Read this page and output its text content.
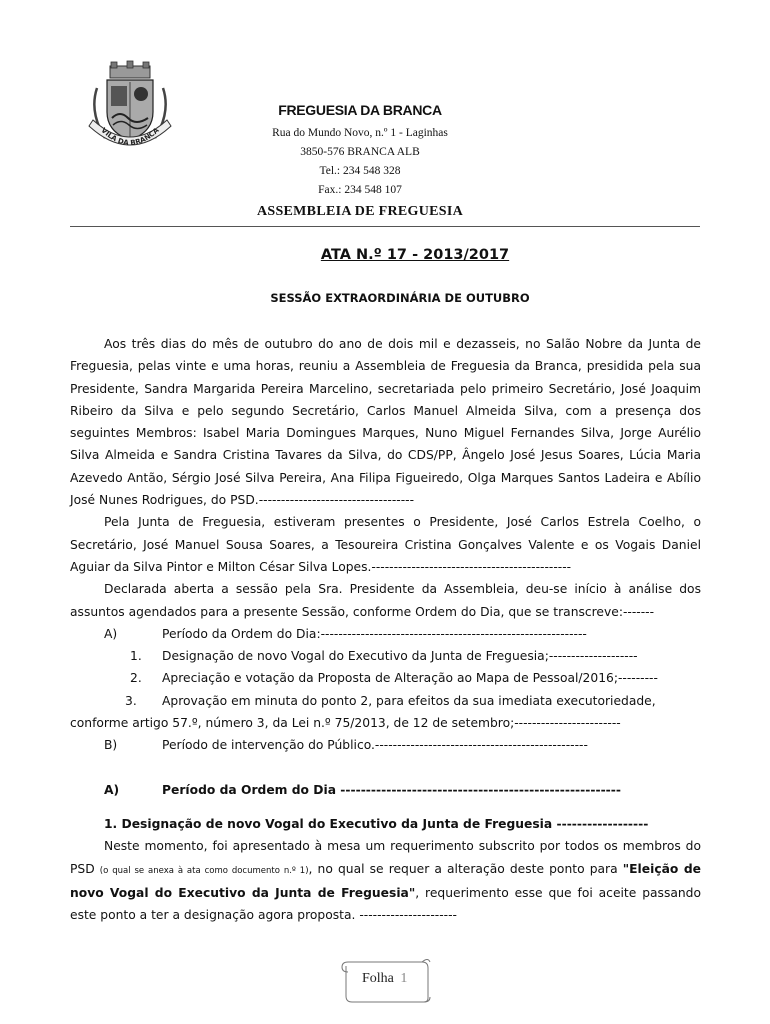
VILA DA BRANCA
FREGUESIA DA BRANCA
Rua do Mundo Novo, n.º 1 - Laginhas
3850-576 BRANCA ALB
Tel.: 234 548 328
Fax.: 234 548 107
ASSEMBLEIA DE FREGUESIA
ATA N.º 17 - 2013/2017
SESSÃO EXTRAORDINÁRIA DE OUTUBRO

Aos três dias do mês de outubro do ano de dois mil e dezasseis, no Salão Nobre da Junta de Freguesia, pelas vinte e uma horas, reuniu a Assembleia de Freguesia da Branca, presidida pela sua Presidente, Sandra Margarida Pereira Marcelino, secretariada pelo primeiro Secretário, José Joaquim Ribeiro da Silva e pelo segundo Secretário, Carlos Manuel Almeida Silva, com a presença dos seguintes Membros: Isabel Maria Domingues Marques, Nuno Miguel Fernandes Silva, Jorge Aurélio Silva Almeida e Sandra Cristina Tavares da Silva, do CDS/PP, Ângelo José Jesus Soares, Lúcia Maria Azevedo Antão, Sérgio José Silva Pereira, Ana Filipa Figueiredo, Olga Marques Santos Ladeira e Abílio José Nunes Rodrigues, do PSD.-----------------------------------

Pela Junta de Freguesia, estiveram presentes o Presidente, José Carlos Estrela Coelho, o Secretário, José Manuel Sousa Soares, a Tesoureira Cristina Gonçalves Valente e os Vogais Daniel Aguiar da Silva Pintor e Milton César Silva Lopes.---------------------------------------------

Declarada aberta a sessão pela Sra. Presidente da Assembleia, deu-se início à análise dos assuntos agendados para a presente Sessão, conforme Ordem do Dia, que se transcreve:-------

A)	Período da Ordem do Dia:------------------------------------------------------------
1. Designação de novo Vogal do Executivo da Junta de Freguesia;--------------------
2. Apreciação e votação da Proposta de Alteração ao Mapa de Pessoal/2016;---------
3. Aprovação em minuta do ponto 2, para efeitos da sua imediata executoriedade,
conforme artigo 57.º, número 3, da Lei n.º 75/2013, de 12 de setembro;------------------------
B)	Período de intervenção do Público.------------------------------------------------
A)	Período da Ordem do Dia -------------------------------------------------------
1. Designação de novo Vogal do Executivo da Junta de Freguesia ------------------

Neste momento, foi apresentado à mesa um requerimento subscrito por todos os membros do PSD (o qual se anexa à ata como documento n.º 1), no qual se requer a alteração deste ponto para "Eleição de novo Vogal do Executivo da Junta de Freguesia", requerimento esse que foi aceite passando este ponto a ter a designação agora proposta. ----------------------

Folha 1
